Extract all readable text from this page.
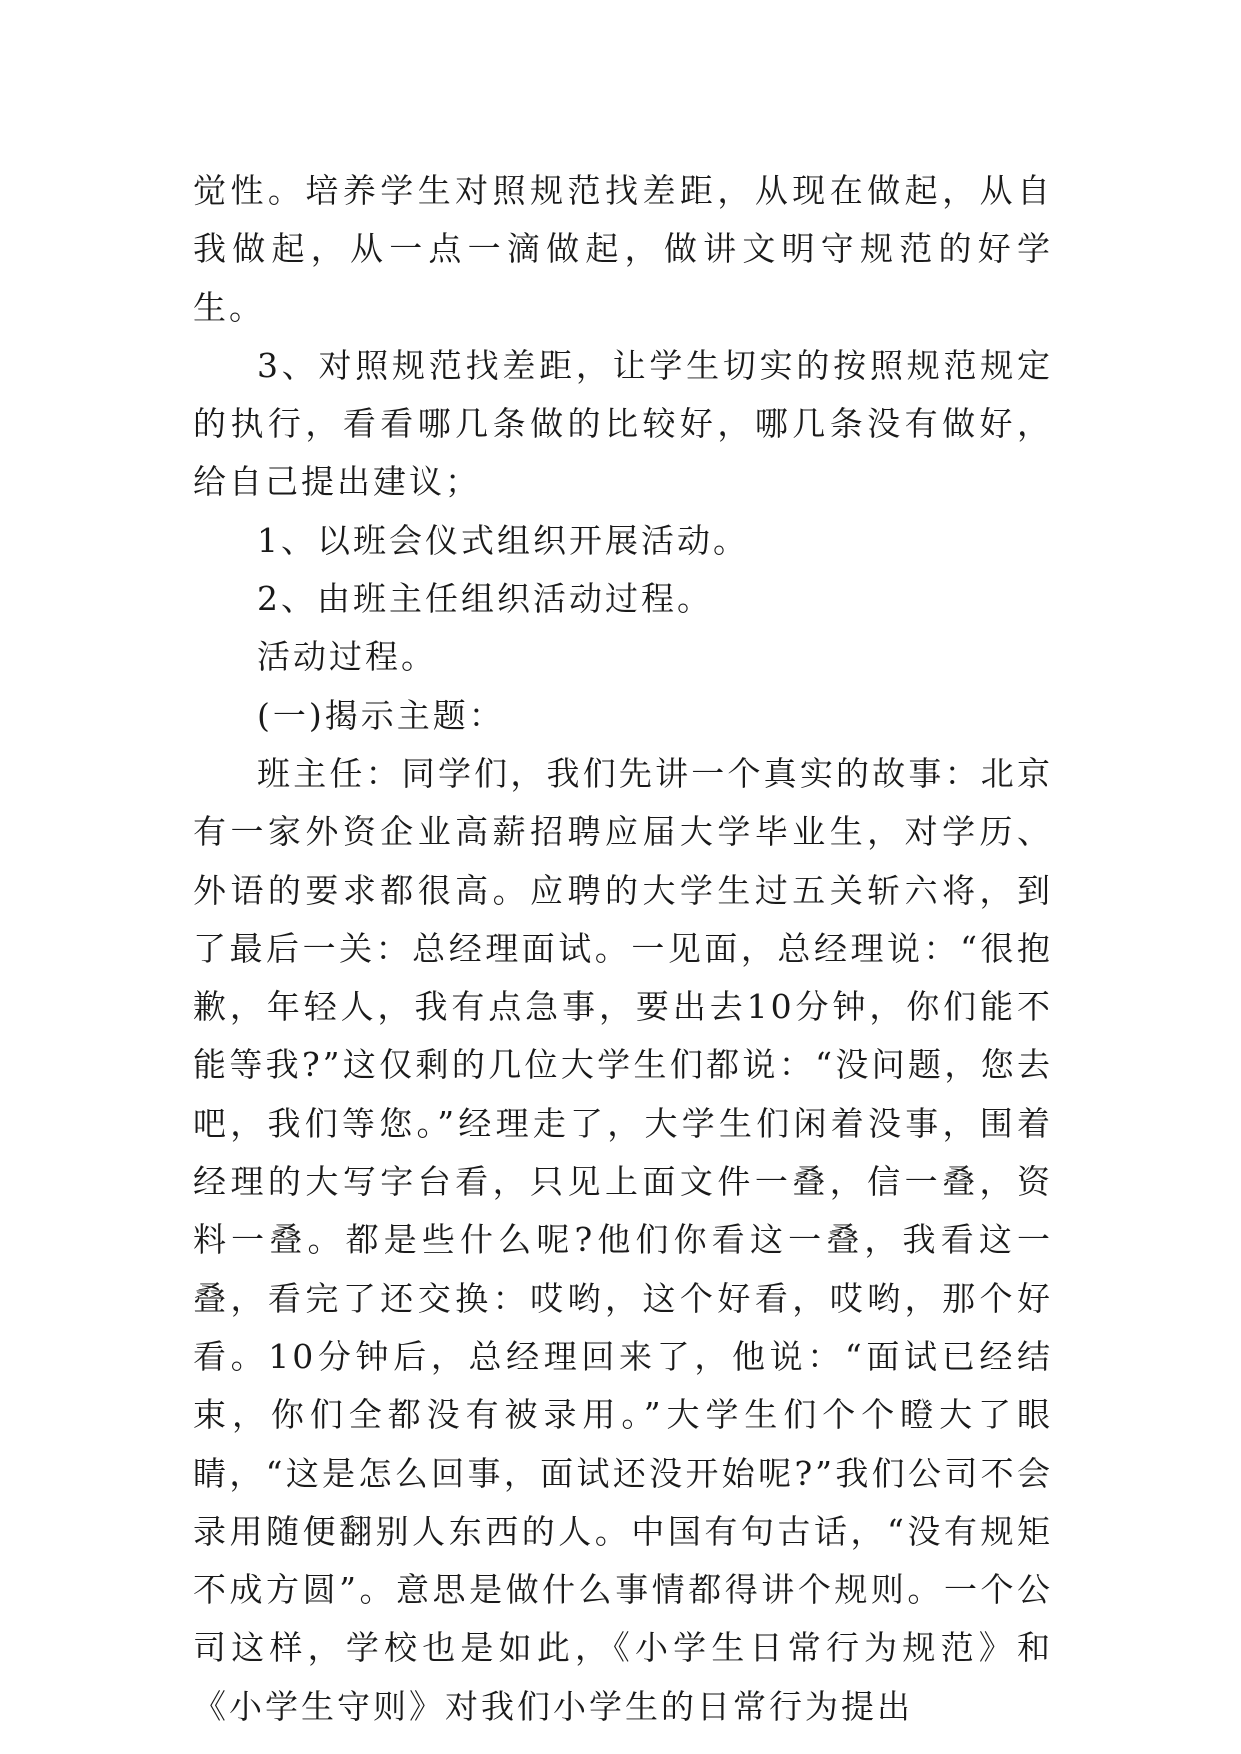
觉性。培养学生对照规范找差距，从现在做起，从自我做起，从一点一滴做起，做讲文明守规范的好学生。

3、对照规范找差距，让学生切实的按照规范规定的执行，看看哪几条做的比较好，哪几条没有做好，给自己提出建议；

1、以班会仪式组织开展活动。

2、由班主任组织活动过程。

活动过程。

(一)揭示主题：

班主任：同学们，我们先讲一个真实的故事：北京有一家外资企业高薪招聘应届大学毕业生，对学历、外语的要求都很高。应聘的大学生过五关斩六将，到了最后一关：总经理面试。一见面，总经理说：“很抱歉，年轻人，我有点急事，要出去10分钟，你们能不能等我?”这仅剩的几位大学生们都说：“没问题，您去吧，我们等您。”经理走了，大学生们闲着没事，围着经理的大写字台看，只见上面文件一叠，信一叠，资料一叠。都是些什么呢?他们你看这一叠，我看这一叠，看完了还交换：哎哟，这个好看，哎哟，那个好看。10分钟后，总经理回来了，他说：“面试已经结束，你们全都没有被录用。”大学生们个个瞪大了眼睛，“这是怎么回事，面试还没开始呢?”我们公司不会录用随便翻别人东西的人。中国有句古话，“没有规矩不成方圆”。意思是做什么事情都得讲个规则。一个公司这样，学校也是如此，《小学生日常行为规范》和《小学生守则》对我们小学生的日常行为提出
